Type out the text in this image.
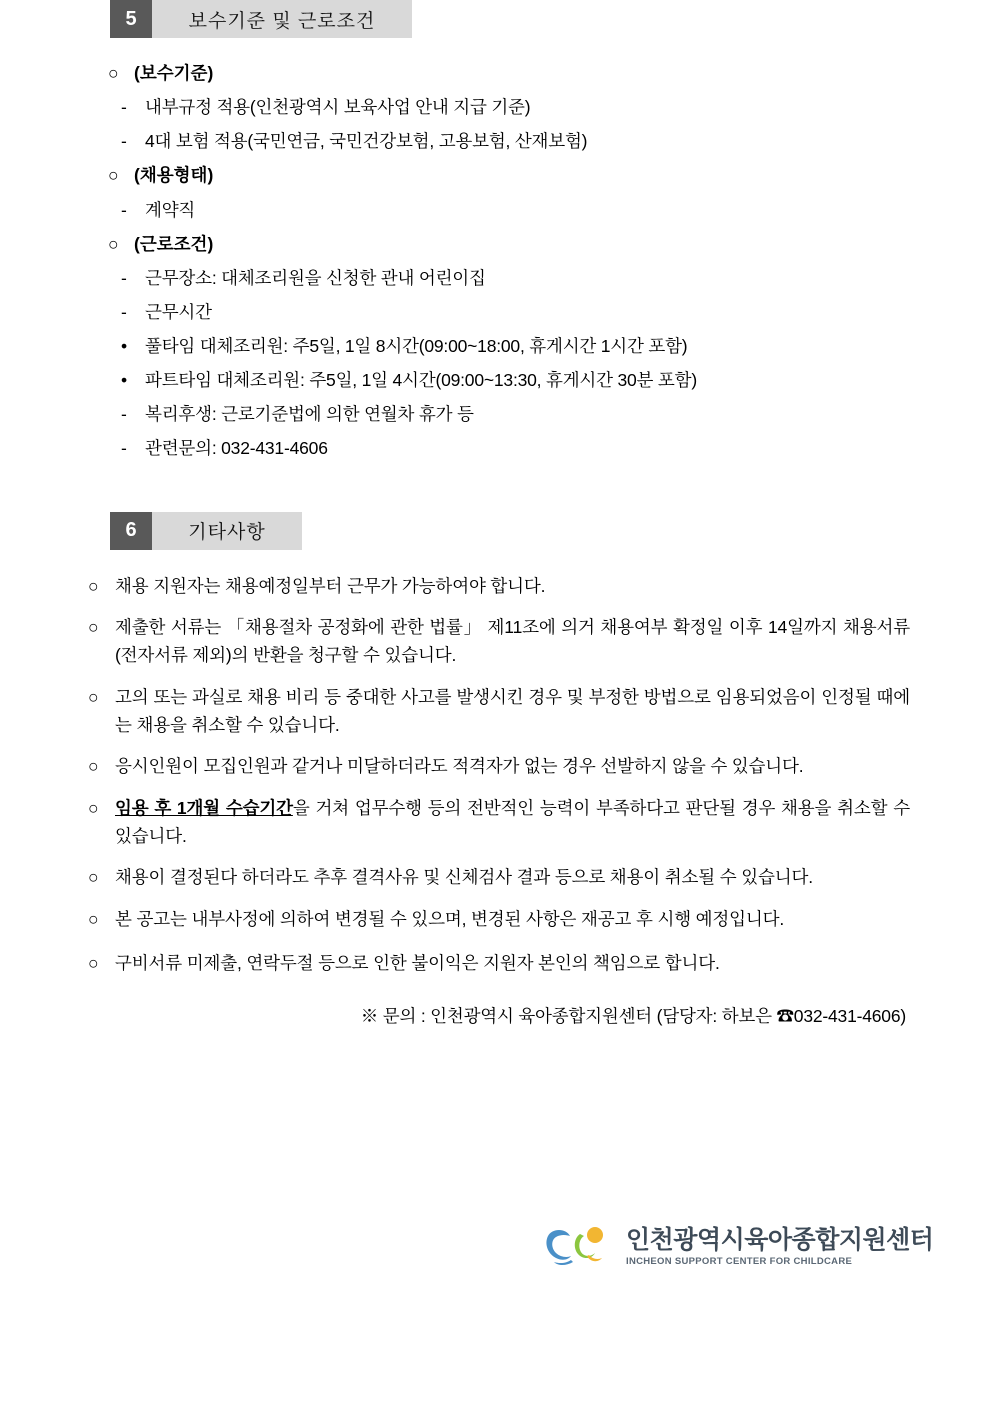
5	보수기준 및 근로조건
○ (보수기준)
-	내부규정 적용(인천광역시 보육사업 안내 지급 기준)
-	4대 보험 적용(국민연금, 국민건강보험, 고용보험, 산재보험)
○ (채용형태)
-	계약직
○ (근로조건)
-	근무장소: 대체조리원을 신청한 관내 어린이집
-	근무시간
•	풀타임 대체조리원: 주5일, 1일 8시간(09:00~18:00, 휴게시간 1시간 포함)
•	파트타임 대체조리원: 주5일, 1일 4시간(09:00~13:30, 휴게시간 30분 포함)
-	복리후생: 근로기준법에 의한 연월차 휴가 등
-	관련문의: 032-431-4606
6	기타사항
○ 채용 지원자는 채용예정일부터 근무가 가능하여야 합니다.
○ 제출한 서류는 「채용절차 공정화에 관한 법률」 제11조에 의거 채용여부 확정일 이후 14일까지 채용서류(전자서류 제외)의 반환을 청구할 수 있습니다.
○ 고의 또는 과실로 채용 비리 등 중대한 사고를 발생시킨 경우 및 부정한 방법으로 임용되었음이 인정될 때에는 채용을 취소할 수 있습니다.
○ 응시인원이 모집인원과 같거나 미달하더라도 적격자가 없는 경우 선발하지 않을 수 있습니다.
○ 임용 후 1개월 수습기간을 거쳐 업무수행 등의 전반적인 능력이 부족하다고 판단될 경우 채용을 취소할 수 있습니다.
○ 채용이 결정된다 하더라도 추후 결격사유 및 신체검사 결과 등으로 채용이 취소될 수 있습니다.
○ 본 공고는 내부사정에 의하여 변경될 수 있으며, 변경된 사항은 재공고 후 시행 예정입니다.
○ 구비서류 미제출, 연락두절 등으로 인한 불이익은 지원자 본인의 책임으로 합니다.
※ 문의 : 인천광역시 육아종합지원센터 (담당자: 하보은 ☎032-431-4606)
인천광역시육아종합지원센터
INCHEON SUPPORT CENTER FOR CHILDCARE
